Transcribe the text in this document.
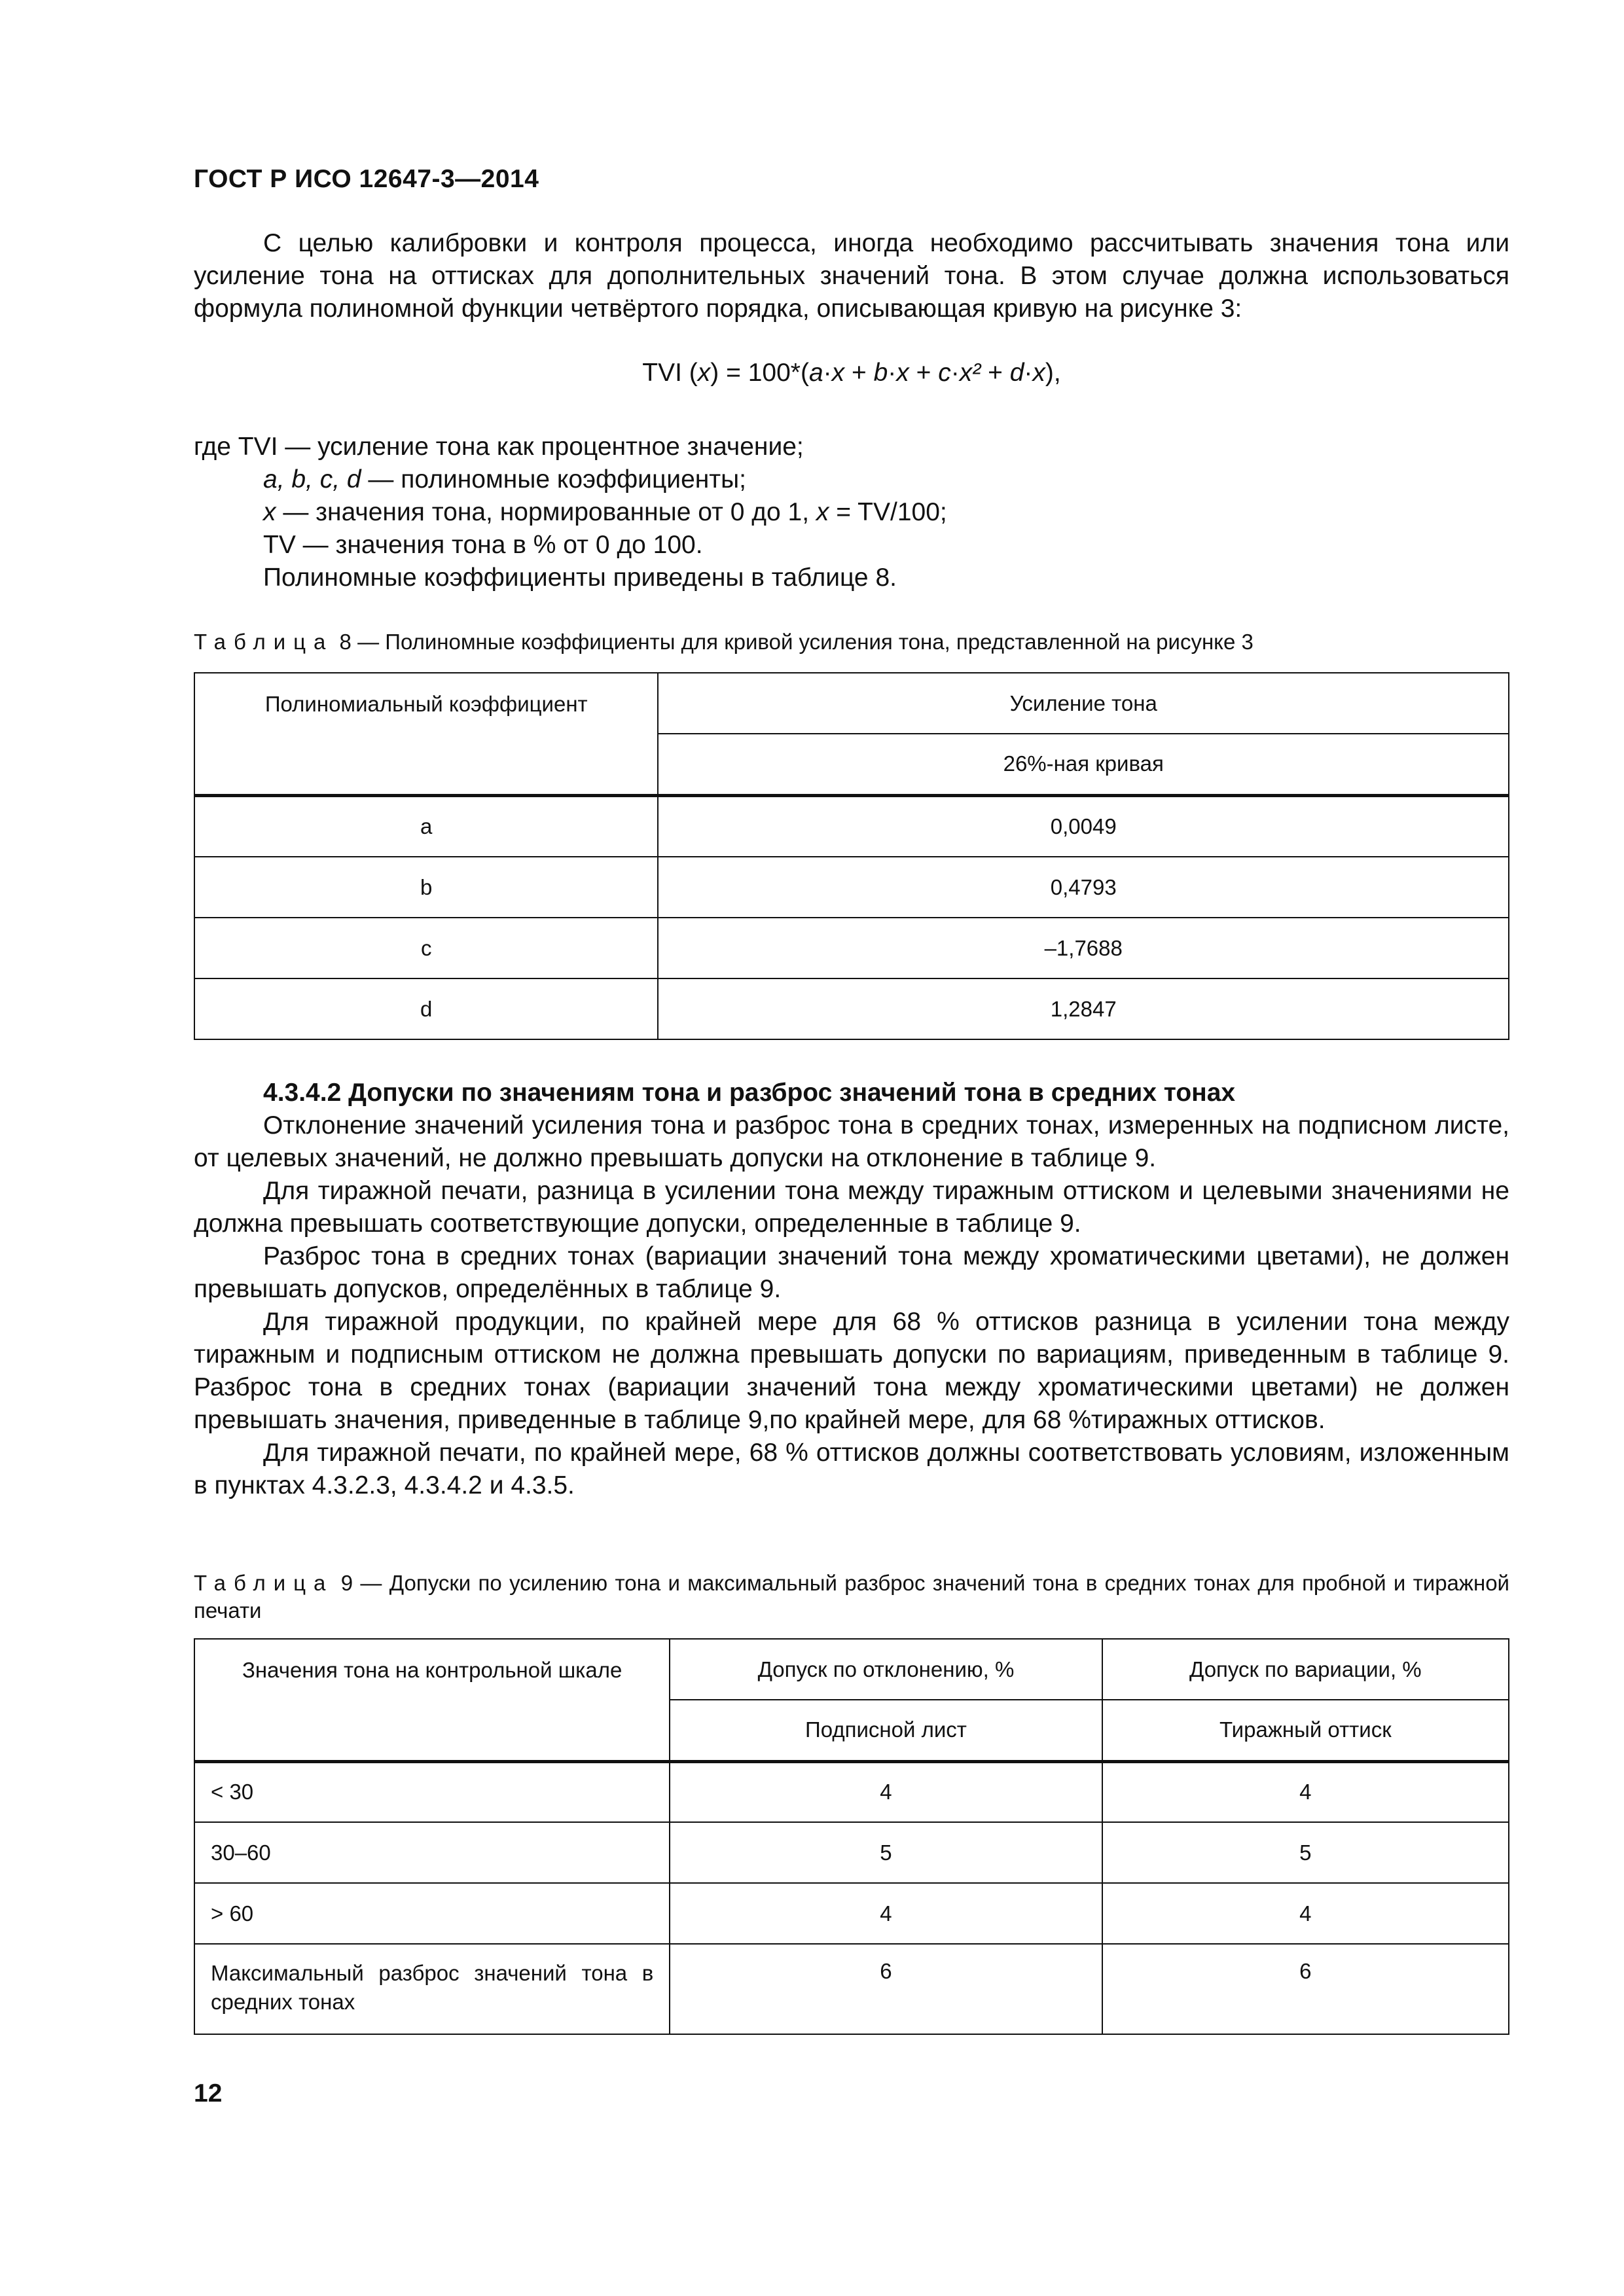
ГОСТ Р ИСО 12647-3—2014

С целью калибровки и контроля процесса, иногда необходимо рассчитывать значения тона или усиление тона на оттисках для дополнительных значений тона. В этом случае должна использоваться формула полиномной функции четвёртого порядка, описывающая кривую на рисунке 3:

TVI (x) = 100*(a·x + b·x + c·x² + d·x),
где TVI — усиление тона как процентное значение;
a, b, c, d — полиномные коэффициенты;
x — значения тона, нормированные от 0 до 1, x = TV/100;
TV — значения тона в % от 0 до 100.
Полиномные коэффициенты приведены в таблице 8.

Таблица 8 — Полиномные коэффициенты для кривой усиления тона, представленной на рисунке 3

Полиномиальный коэффициент	Усиление тона
	26%-ная кривая
a	0,0049
b	0,4793
c	–1,7688
d	1,2847
4.3.4.2 Допуски по значениям тона и разброс значений тона в средних тонах

Отклонение значений усиления тона и разброс тона в средних тонах, измеренных на подписном листе, от целевых значений, не должно превышать допуски на отклонение в таблице 9.

Для тиражной печати, разница в усилении тона между тиражным оттиском и целевыми значениями не должна превышать соответствующие допуски, определенные в таблице 9.

Разброс тона в средних тонах (вариации значений тона между хроматическими цветами), не должен превышать допусков, определённых в таблице 9.

Для тиражной продукции, по крайней мере для 68 % оттисков разница в усилении тона между тиражным и подписным оттиском не должна превышать допуски по вариациям, приведенным в таблице 9. Разброс тона в средних тонах (вариации значений тона между хроматическими цветами) не должен превышать значения, приведенные в таблице 9,по крайней мере, для 68 %тиражных оттисков.

Для тиражной печати, по крайней мере, 68 % оттисков должны соответствовать условиям, изложенным в пунктах 4.3.2.3, 4.3.4.2 и 4.3.5.

Таблица 9 — Допуски по усилению тона и максимальный разброс значений тона в средних тонах для пробной и тиражной печати

Значения тона на контрольной шкале	Допуск по отклонению, %	Допуск по вариации, %
	Подписной лист	Тиражный оттиск
< 30	4	4
30–60	5	5
> 60	4	4
Максимальный разброс значений тона в средних тонах	6	6
12
